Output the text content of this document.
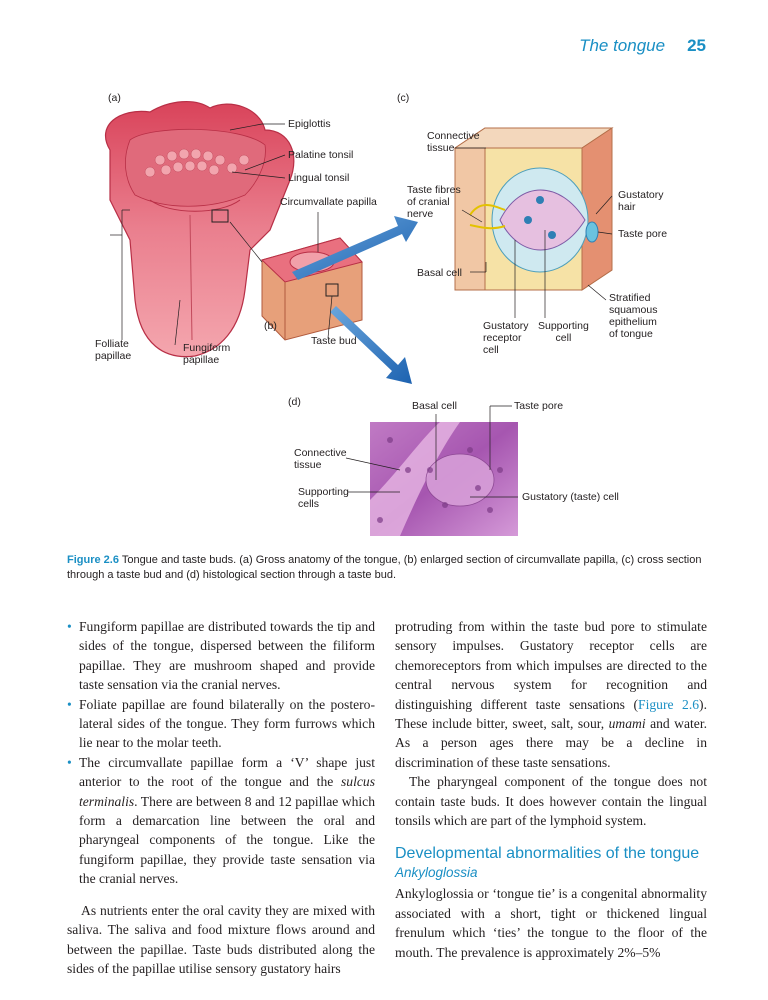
The tongue 25
(a)	(c)
(b)
(d)
Epiglottis
Palatine tonsil
Lingual tonsil
Circumvallate papilla
Folliate
papillae
Fungiform
papillae
Taste bud
Connective
tissue
Taste fibres
of cranial
nerve
Basal cell
Gustatory
receptor
cell
Supporting
cell
Gustatory
hair
Taste pore
Stratified
squamous
epithelium
of tongue
Basal cell	Taste pore
Connective
tissue
Supporting
cells
Gustatory (taste) cell
Figure 2.6 Tongue and taste buds. (a) Gross anatomy of the tongue, (b) enlarged section of circumvallate papilla, (c) cross section through a taste bud and (d) histological section through a taste bud.
• Fungiform papillae are distributed towards the tip and sides of the tongue, dispersed between the filiform papillae. They are mushroom shaped and provide taste sensation via the cranial nerves.
• Foliate papillae are found bilaterally on the postero-lateral sides of the tongue. They form furrows which lie near to the molar teeth.
• The circumvallate papillae form a ‘V’ shape just anterior to the root of the tongue and the sulcus terminalis. There are between 8 and 12 papillae which form a demarcation line between the oral and pharyngeal components of the tongue. Like the fungiform papillae, they provide taste sensation via the cranial nerves.

As nutrients enter the oral cavity they are mixed with saliva. The saliva and food mixture flows around and between the papillae. Taste buds distributed along the sides of the papillae utilise sensory gustatory hairs

protruding from within the taste bud pore to stimulate sensory impulses. Gustatory receptor cells are chemoreceptors from which impulses are directed to the central nervous system for recognition and distinguishing different taste sensations (Figure 2.6). These include bitter, sweet, salt, sour, umami and water. As a person ages there may be a decline in discrimination of these taste sensations.

The pharyngeal component of the tongue does not contain taste buds. It does however contain the lingual tonsils which are part of the lymphoid system.

Developmental abnormalities of the tongue
Ankyloglossia

Ankyloglossia or ‘tongue tie’ is a congenital abnormality associated with a short, tight or thickened lingual frenulum which ‘ties’ the tongue to the floor of the mouth. The prevalence is approximately 2%–5%
